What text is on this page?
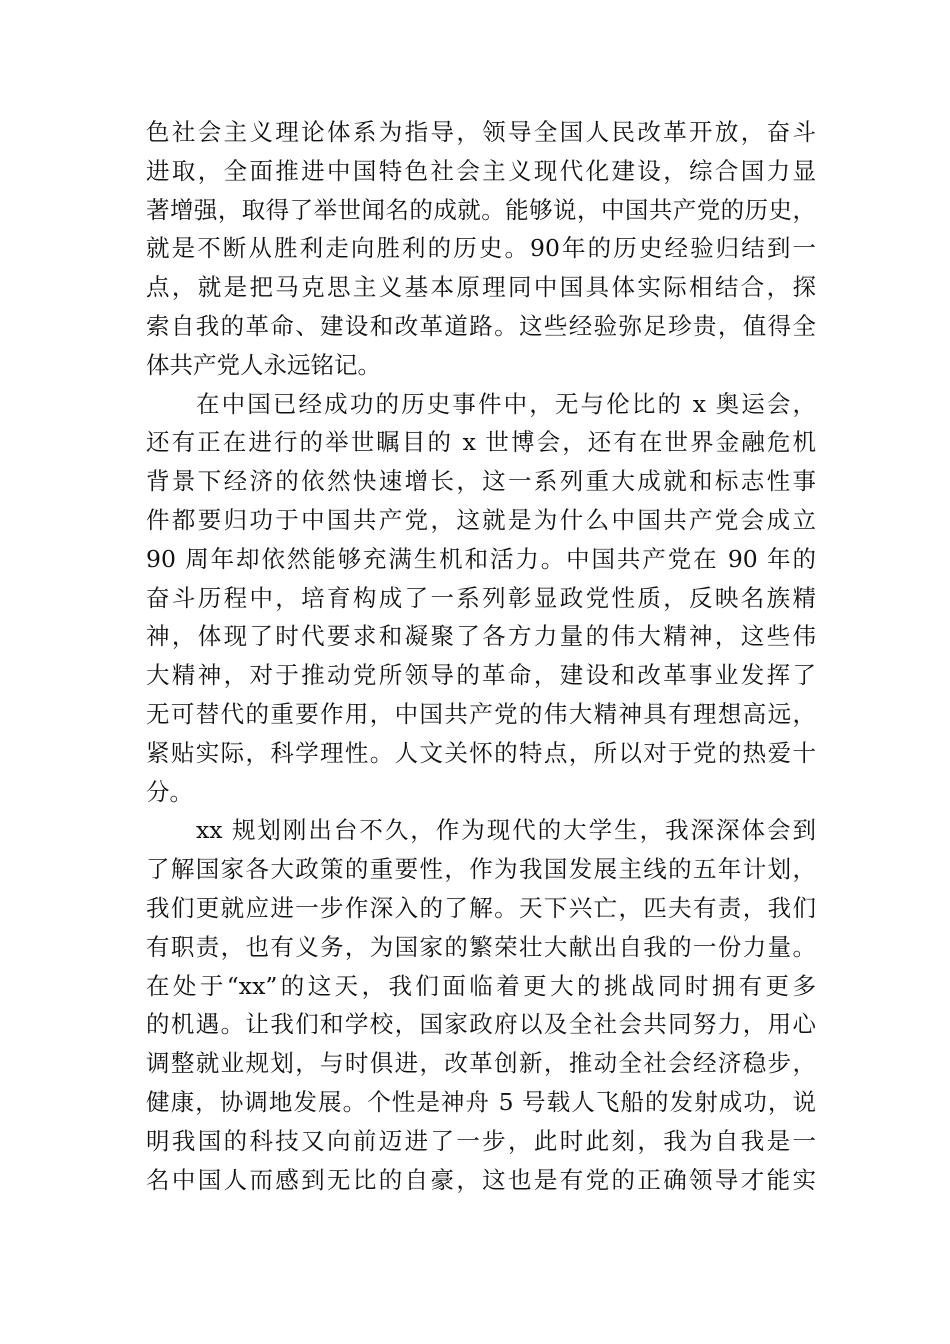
色社会主义理论体系为指导，领导全国人民改革开放，奋斗
进取，全面推进中国特色社会主义现代化建设，综合国力显
著增强，取得了举世闻名的成就。能够说，中国共产党的历史，
就是不断从胜利走向胜利的历史。90年的历史经验归结到一
点，就是把马克思主义基本原理同中国具体实际相结合，探
索自我的革命、建设和改革道路。这些经验弥足珍贵，值得全
体共产党人永远铭记。
在中国已经成功的历史事件中，无与伦比的 x 奥运会，
还有正在进行的举世瞩目的 x 世博会，还有在世界金融危机
背景下经济的依然快速增长，这一系列重大成就和标志性事
件都要归功于中国共产党，这就是为什么中国共产党会成立
90 周年却依然能够充满生机和活力。中国共产党在 90 年的
奋斗历程中，培育构成了一系列彰显政党性质，反映名族精
神，体现了时代要求和凝聚了各方力量的伟大精神，这些伟
大精神，对于推动党所领导的革命，建设和改革事业发挥了
无可替代的重要作用，中国共产党的伟大精神具有理想高远，
紧贴实际，科学理性。人文关怀的特点，所以对于党的热爱十
分。
xx 规划刚出台不久，作为现代的大学生，我深深体会到
了解国家各大政策的重要性，作为我国发展主线的五年计划，
我们更就应进一步作深入的了解。天下兴亡，匹夫有责，我们
有职责，也有义务，为国家的繁荣壮大献出自我的一份力量。
在处于“xx”的这天，我们面临着更大的挑战同时拥有更多
的机遇。让我们和学校，国家政府以及全社会共同努力，用心
调整就业规划，与时俱进，改革创新，推动全社会经济稳步，
健康，协调地发展。个性是神舟 5 号载人飞船的发射成功，说
明我国的科技又向前迈进了一步，此时此刻，我为自我是一
名中国人而感到无比的自豪，这也是有党的正确领导才能实
